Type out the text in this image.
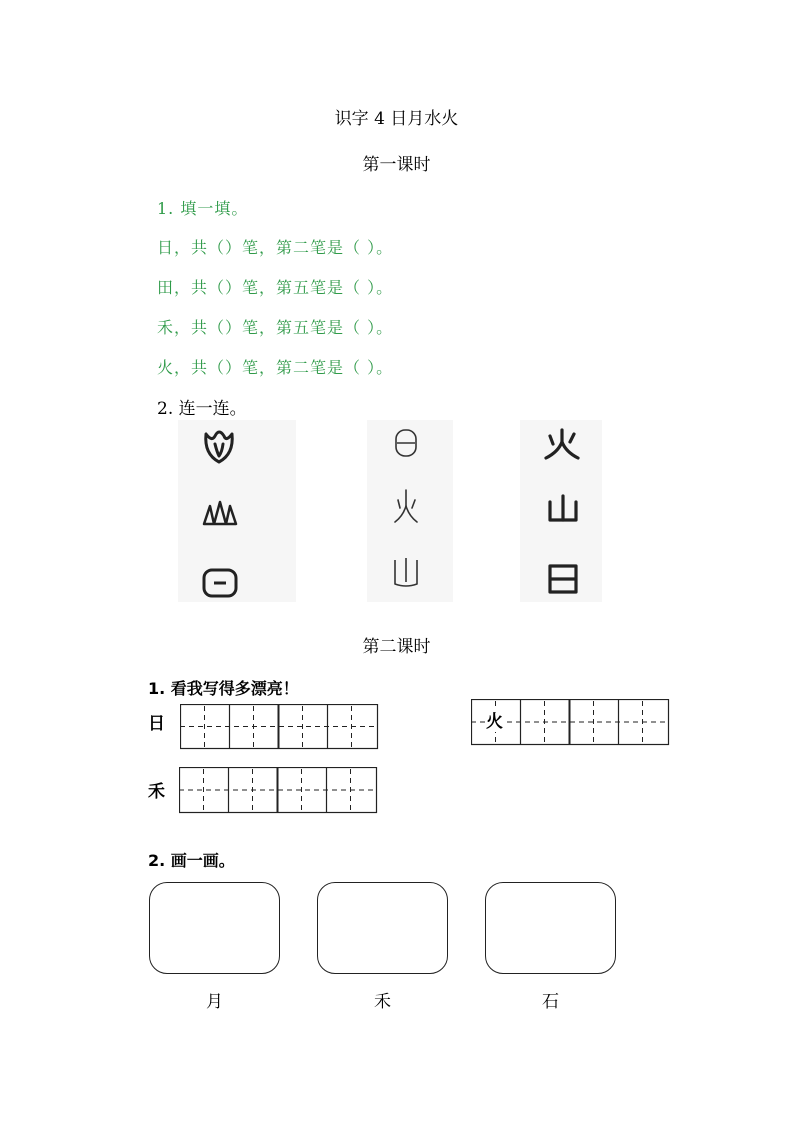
识字 4 日月水火
第一课时
1. 填一填。
日，共（）笔，第二笔是（ ）。
田，共（）笔，第五笔是（ ）。
禾，共（）笔，第五笔是（ ）。
火，共（）笔，第二笔是（ ）。
2. 连一连。
第二课时
1. 看我写得多漂亮！
日	火
禾
2. 画一画。
月	禾	石
